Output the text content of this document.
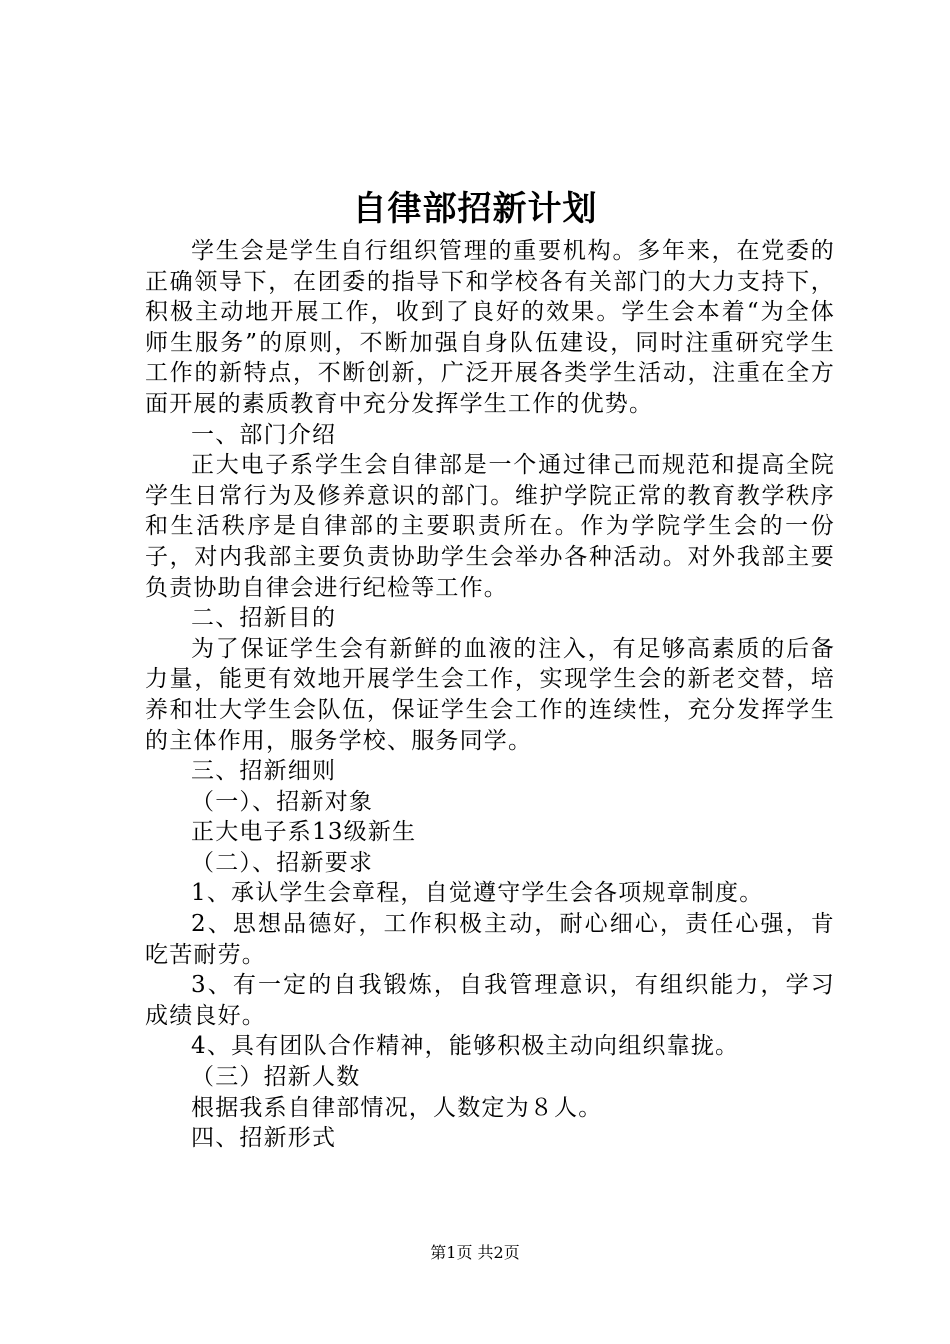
自律部招新计划

学生会是学生自行组织管理的重要机构。多年来，在党委的正确领导下，在团委的指导下和学校各有关部门的大力支持下，积极主动地开展工作，收到了良好的效果。学生会本着“为全体师生服务”的原则，不断加强自身队伍建设，同时注重研究学生工作的新特点，不断创新，广泛开展各类学生活动，注重在全方面开展的素质教育中充分发挥学生工作的优势。

一、部门介绍

正大电子系学生会自律部是一个通过律己而规范和提高全院学生日常行为及修养意识的部门。维护学院正常的教育教学秩序和生活秩序是自律部的主要职责所在。作为学院学生会的一份子，对内我部主要负责协助学生会举办各种活动。对外我部主要负责协助自律会进行纪检等工作。

二、招新目的

为了保证学生会有新鲜的血液的注入，有足够高素质的后备力量，能更有效地开展学生会工作，实现学生会的新老交替，培养和壮大学生会队伍，保证学生会工作的连续性，充分发挥学生的主体作用，服务学校、服务同学。

三、招新细则

（一）、招新对象

正大电子系13级新生

（二）、招新要求

1、承认学生会章程，自觉遵守学生会各项规章制度。

2、思想品德好，工作积极主动，耐心细心，责任心强，肯吃苦耐劳。

3、有一定的自我锻炼，自我管理意识，有组织能力，学习成绩良好。

4、具有团队合作精神，能够积极主动向组织靠拢。

（三）招新人数

根据我系自律部情况，人数定为８人。

四、招新形式

第1页 共2页
